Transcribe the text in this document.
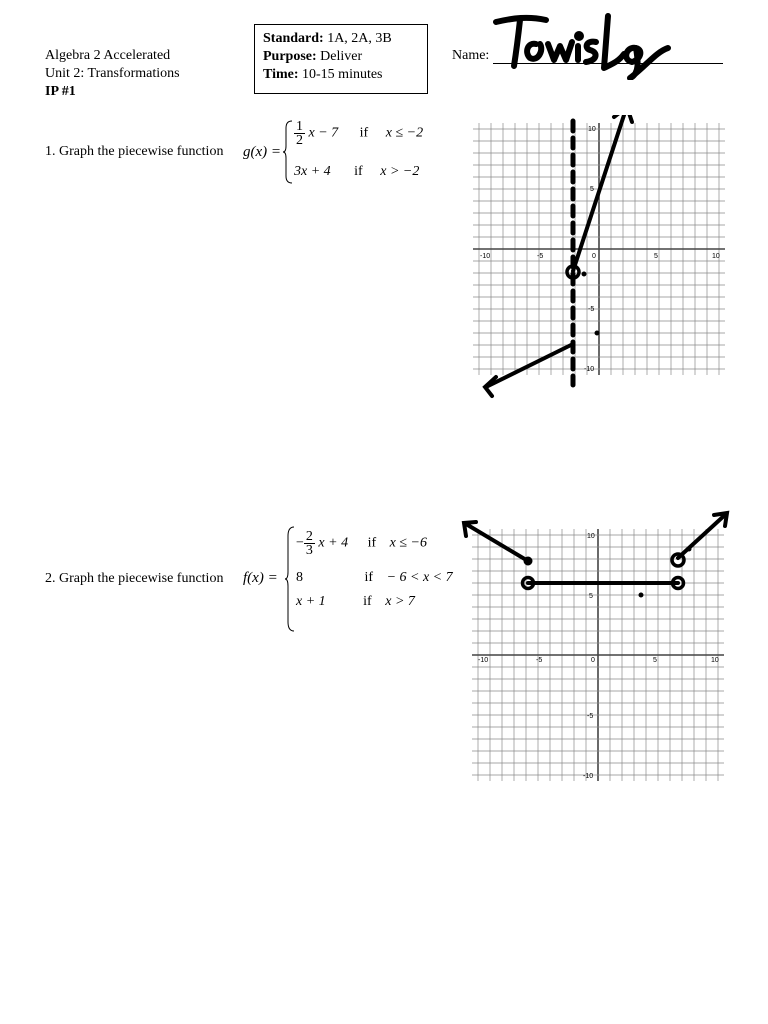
Algebra 2 Accelerated
Unit 2: Transformations
IP #1
Standard: 1A, 2A, 3B
Purpose: Deliver
Time: 10-15 minutes
Name:
1. Graph the piecewise function g(x) =
$\frac{1}{2}$ x − 7 if x ≤ −2
3x + 4 if x > −2
2. Graph the piecewise function f(x) =
− $\frac{2}{3}$ x + 4 if x ≤ −6
8	if − 6 < x < 7
x + 1	if x > 7
-10	-5	0	5	10
10
5
-5
-10
-10	-5	0	5	10
10
5
-5
-10
